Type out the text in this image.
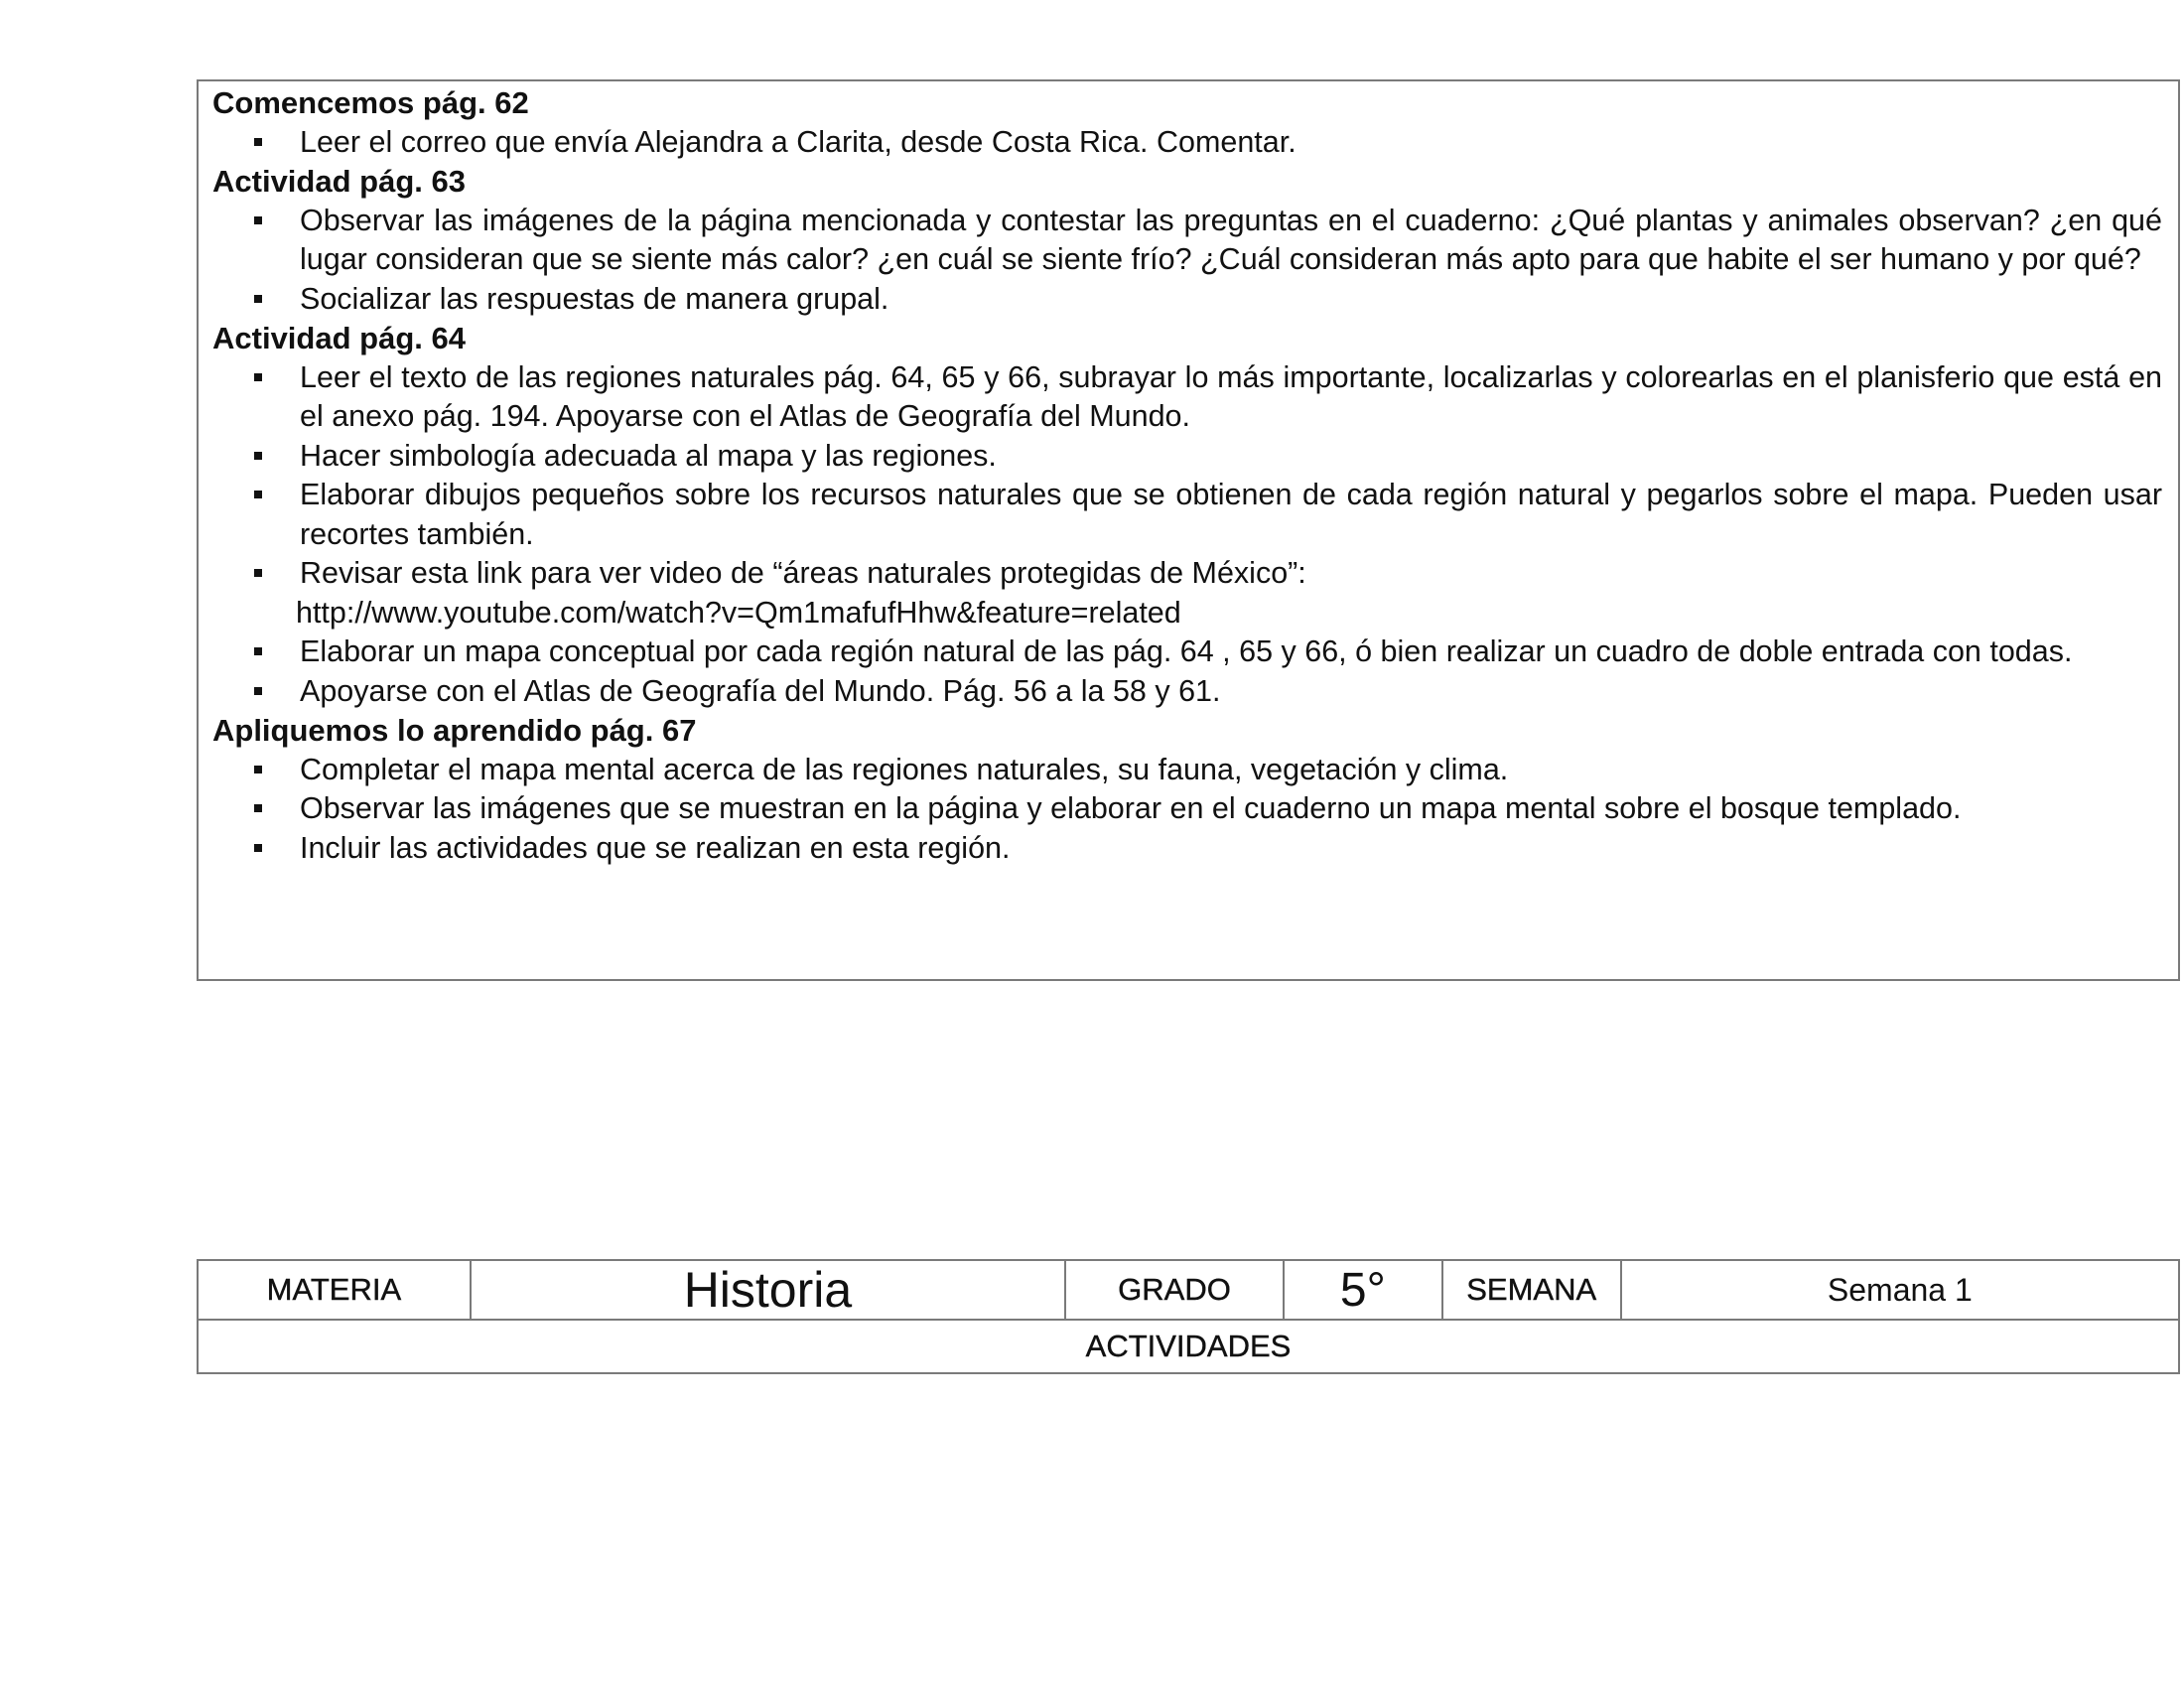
Comencemos pág. 62
Leer el correo que envía Alejandra a Clarita, desde Costa Rica. Comentar.
Actividad pág. 63
Observar las imágenes de la página mencionada y contestar las preguntas en el cuaderno: ¿Qué plantas y animales observan? ¿en qué lugar consideran que se siente más calor? ¿en cuál se siente frío? ¿Cuál consideran más apto para que habite el ser humano y por qué?
Socializar las respuestas de manera grupal.
Actividad pág. 64
Leer el texto de las regiones naturales pág. 64, 65 y 66, subrayar lo más importante, localizarlas y colorearlas en el planisferio que está en el anexo pág. 194. Apoyarse con el Atlas de Geografía del Mundo.
Hacer simbología adecuada al mapa y las regiones.
Elaborar dibujos pequeños sobre los recursos naturales que se obtienen de cada región natural y pegarlos sobre el mapa. Pueden usar recortes también.
Revisar esta link para ver video de “áreas naturales protegidas de México”:
http://www.youtube.com/watch?v=Qm1mafufHhw&feature=related
Elaborar un mapa conceptual por cada región natural de las pág. 64 , 65 y 66, ó bien realizar un cuadro de doble entrada con todas.
Apoyarse con el Atlas de Geografía del Mundo. Pág. 56 a la 58 y 61.
Apliquemos lo aprendido pág. 67
Completar el mapa mental acerca de las regiones naturales, su fauna, vegetación y clima.
Observar las imágenes que se muestran en la página y elaborar en el cuaderno un mapa mental sobre el bosque templado.
Incluir las actividades que se realizan en esta región.
MATERIA	Historia	GRADO	5°	SEMANA	Semana 1
ACTIVIDADES
